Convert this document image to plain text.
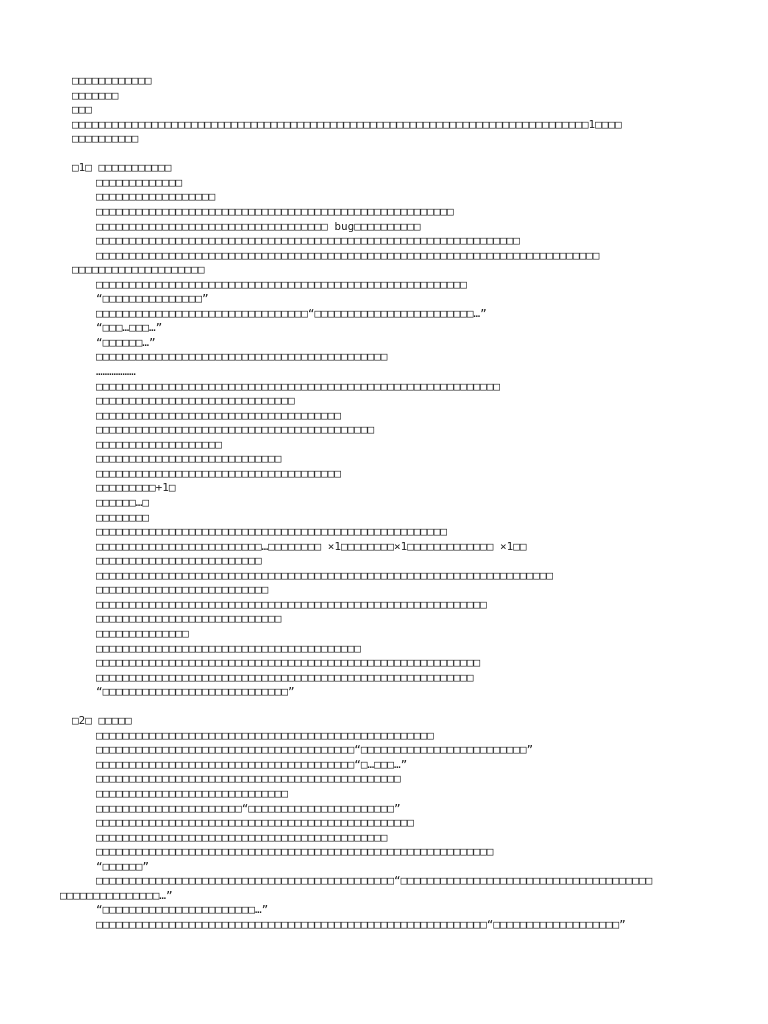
□□□□□□□□□□□□
□□□□□□□
□□□
□□□□□□□□□□□□□□□□□□□□□□□□□□□□□□□□□□□□□□□□□□□□□□□□□□□□□□□□□□□□□□□□□□□□□□□□□□□□□□1□□□□
□□□□□□□□□□
□1□ □□□□□□□□□□□
□□□□□□□□□□□□□
□□□□□□□□□□□□□□□□□□
□□□□□□□□□□□□□□□□□□□□□□□□□□□□□□□□□□□□□□□□□□□□□□□□□□□□□□
□□□□□□□□□□□□□□□□□□□□□□□□□□□□□□□□□□□ bug□□□□□□□□□□
□□□□□□□□□□□□□□□□□□□□□□□□□□□□□□□□□□□□□□□□□□□□□□□□□□□□□□□□□□□□□□□□
□□□□□□□□□□□□□□□□□□□□□□□□□□□□□□□□□□□□□□□□□□□□□□□□□□□□□□□□□□□□□□□□□□□□□□□□□□□□
□□□□□□□□□□□□□□□□□□□□
□□□□□□□□□□□□□□□□□□□□□□□□□□□□□□□□□□□□□□□□□□□□□□□□□□□□□□□□
“□□□□□□□□□□□□□□□”
□□□□□□□□□□□□□□□□□□□□□□□□□□□□□□□□“□□□□□□□□□□□□□□□□□□□□□□□□…”
“□□□…□□□…”
“□□□□□□…”
□□□□□□□□□□□□□□□□□□□□□□□□□□□□□□□□□□□□□□□□□□□□
………………
□□□□□□□□□□□□□□□□□□□□□□□□□□□□□□□□□□□□□□□□□□□□□□□□□□□□□□□□□□□□□
□□□□□□□□□□□□□□□□□□□□□□□□□□□□□□
□□□□□□□□□□□□□□□□□□□□□□□□□□□□□□□□□□□□□
□□□□□□□□□□□□□□□□□□□□□□□□□□□□□□□□□□□□□□□□□□
□□□□□□□□□□□□□□□□□□□
□□□□□□□□□□□□□□□□□□□□□□□□□□□□
□□□□□□□□□□□□□□□□□□□□□□□□□□□□□□□□□□□□□
□□□□□□□□□+1□
□□□□□□…□
□□□□□□□□
□□□□□□□□□□□□□□□□□□□□□□□□□□□□□□□□□□□□□□□□□□□□□□□□□□□□□
□□□□□□□□□□□□□□□□□□□□□□□□□…□□□□□□□□ ×1□□□□□□□□×1□□□□□□□□□□□□□ ×1□□
□□□□□□□□□□□□□□□□□□□□□□□□□
□□□□□□□□□□□□□□□□□□□□□□□□□□□□□□□□□□□□□□□□□□□□□□□□□□□□□□□□□□□□□□□□□□□□□
□□□□□□□□□□□□□□□□□□□□□□□□□□
□□□□□□□□□□□□□□□□□□□□□□□□□□□□□□□□□□□□□□□□□□□□□□□□□□□□□□□□□□□
□□□□□□□□□□□□□□□□□□□□□□□□□□□□
□□□□□□□□□□□□□□
□□□□□□□□□□□□□□□□□□□□□□□□□□□□□□□□□□□□□□□□
□□□□□□□□□□□□□□□□□□□□□□□□□□□□□□□□□□□□□□□□□□□□□□□□□□□□□□□□□□
□□□□□□□□□□□□□□□□□□□□□□□□□□□□□□□□□□□□□□□□□□□□□□□□□□□□□□□□□
“□□□□□□□□□□□□□□□□□□□□□□□□□□□□”
□2□ □□□□□
□□□□□□□□□□□□□□□□□□□□□□□□□□□□□□□□□□□□□□□□□□□□□□□□□□□
□□□□□□□□□□□□□□□□□□□□□□□□□□□□□□□□□□□□□□□“□□□□□□□□□□□□□□□□□□□□□□□□□”
□□□□□□□□□□□□□□□□□□□□□□□□□□□□□□□□□□□□□□□“□…□□□…”
□□□□□□□□□□□□□□□□□□□□□□□□□□□□□□□□□□□□□□□□□□□□□□
□□□□□□□□□□□□□□□□□□□□□□□□□□□□□
□□□□□□□□□□□□□□□□□□□□□□“□□□□□□□□□□□□□□□□□□□□□□”
□□□□□□□□□□□□□□□□□□□□□□□□□□□□□□□□□□□□□□□□□□□□□□□□
□□□□□□□□□□□□□□□□□□□□□□□□□□□□□□□□□□□□□□□□□□□□
□□□□□□□□□□□□□□□□□□□□□□□□□□□□□□□□□□□□□□□□□□□□□□□□□□□□□□□□□□□□
“□□□□□□”
□□□□□□□□□□□□□□□□□□□□□□□□□□□□□□□□□□□□□□□□□□□□□“□□□□□□□□□□□□□□□□□□□□□□□□□□□□□□□□□□□□□□
□□□□□□□□□□□□□□□…”
“□□□□□□□□□□□□□□□□□□□□□□□…”
□□□□□□□□□□□□□□□□□□□□□□□□□□□□□□□□□□□□□□□□□□□□□□□□□□□□□□□□□□□“□□□□□□□□□□□□□□□□□□□”
